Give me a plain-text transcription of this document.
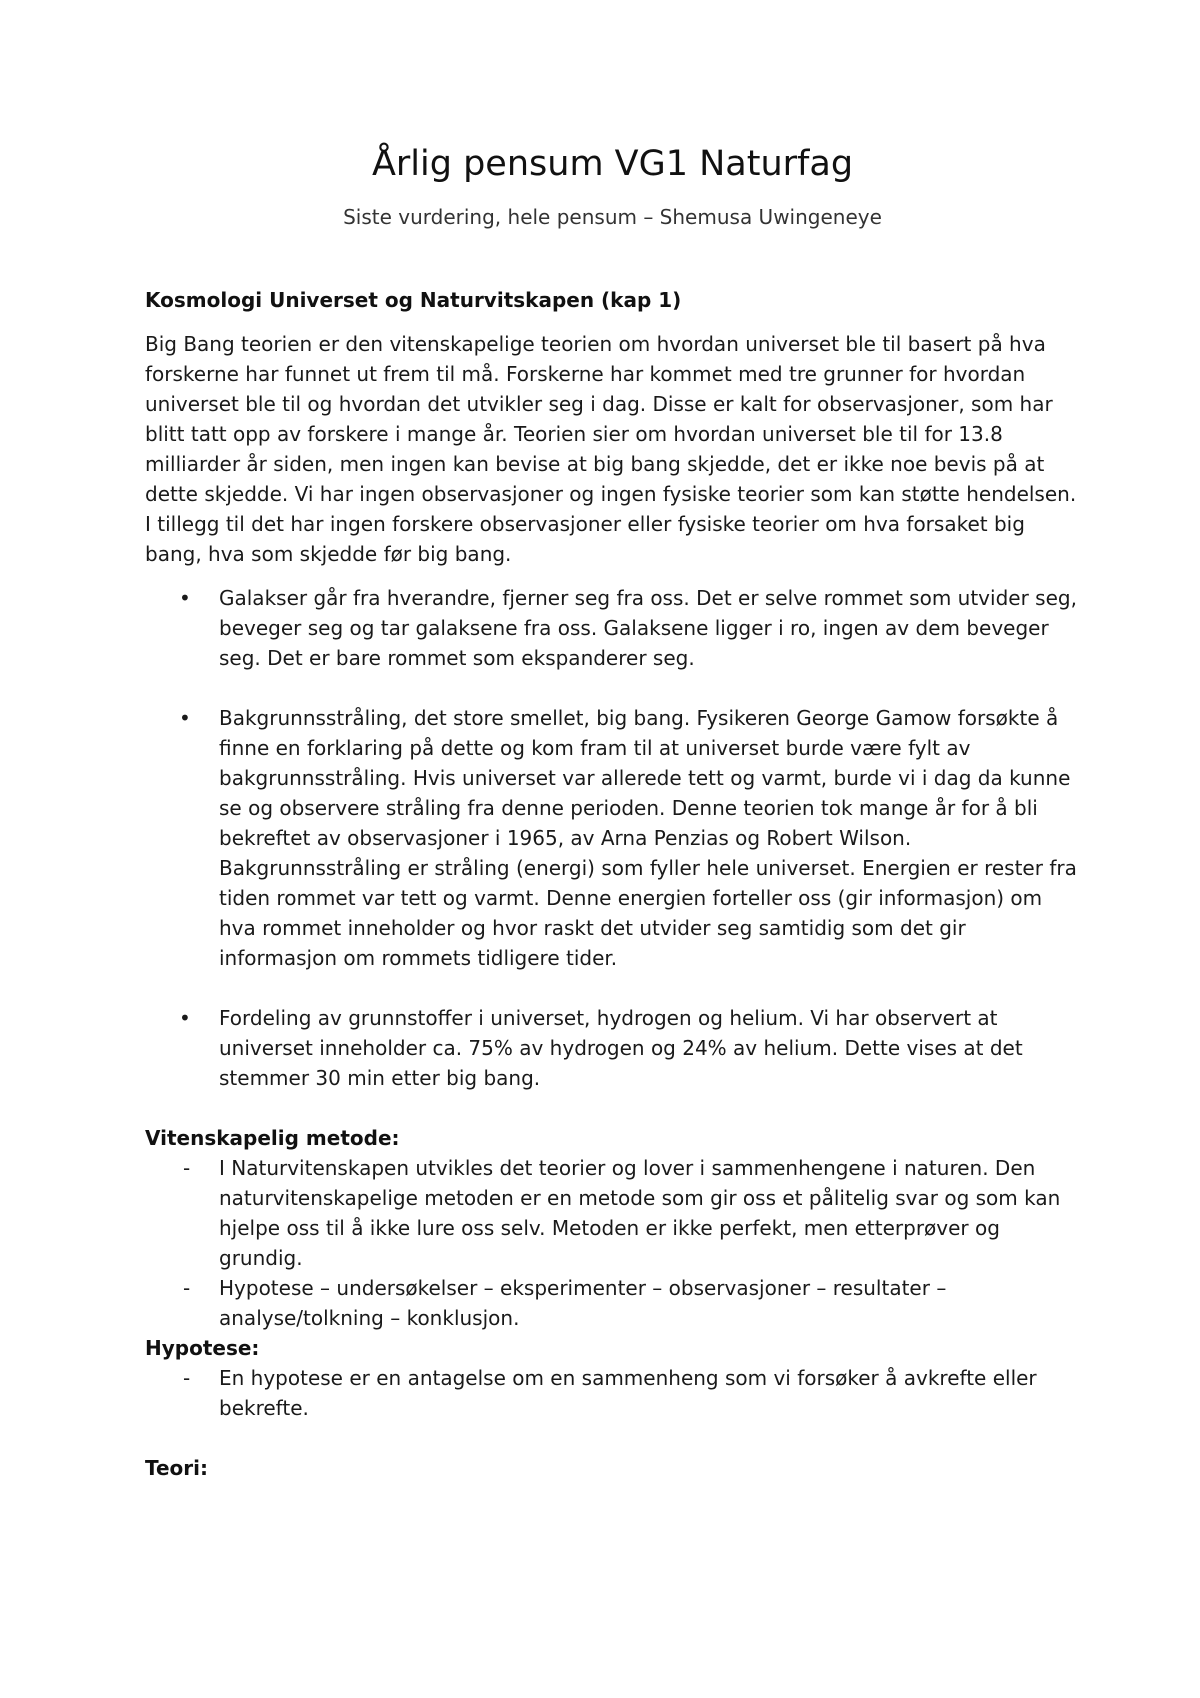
Årlig pensum VG1 Naturfag

Siste vurdering, hele pensum – Shemusa Uwingeneye

Kosmologi Universet og Naturvitskapen (kap 1)

Big Bang teorien er den vitenskapelige teorien om hvordan universet ble til basert på hva forskerne har funnet ut frem til må. Forskerne har kommet med tre grunner for hvordan universet ble til og hvordan det utvikler seg i dag. Disse er kalt for observasjoner, som har blitt tatt opp av forskere i mange år. Teorien sier om hvordan universet ble til for 13.8 milliarder år siden, men ingen kan bevise at big bang skjedde, det er ikke noe bevis på at dette skjedde. Vi har ingen observasjoner og ingen fysiske teorier som kan støtte hendelsen. I tillegg til det har ingen forskere observasjoner eller fysiske teorier om hva forsaket big bang, hva som skjedde før big bang.

• Galakser går fra hverandre, fjerner seg fra oss. Det er selve rommet som utvider seg, beveger seg og tar galaksene fra oss. Galaksene ligger i ro, ingen av dem beveger seg. Det er bare rommet som ekspanderer seg.
• Bakgrunnsstråling, det store smellet, big bang. Fysikeren George Gamow forsøkte å finne en forklaring på dette og kom fram til at universet burde være fylt av bakgrunnsstråling. Hvis universet var allerede tett og varmt, burde vi i dag da kunne se og observere stråling fra denne perioden. Denne teorien tok mange år for å bli bekreftet av observasjoner i 1965, av Arna Penzias og Robert Wilson. Bakgrunnsstråling er stråling (energi) som fyller hele universet. Energien er rester fra tiden rommet var tett og varmt. Denne energien forteller oss (gir informasjon) om hva rommet inneholder og hvor raskt det utvider seg samtidig som det gir informasjon om rommets tidligere tider.
• Fordeling av grunnstoffer i universet, hydrogen og helium. Vi har observert at universet inneholder ca. 75% av hydrogen og 24% av helium. Dette vises at det stemmer 30 min etter big bang.
Vitenskapelig metode:
- I Naturvitenskapen utvikles det teorier og lover i sammenhengene i naturen. Den naturvitenskapelige metoden er en metode som gir oss et pålitelig svar og som kan hjelpe oss til å ikke lure oss selv. Metoden er ikke perfekt, men etterprøver og grundig.
- Hypotese – undersøkelser – eksperimenter – observasjoner – resultater – analyse/tolkning – konklusjon.
Hypotese:
- En hypotese er en antagelse om en sammenheng som vi forsøker å avkrefte eller bekrefte.
Teori:
